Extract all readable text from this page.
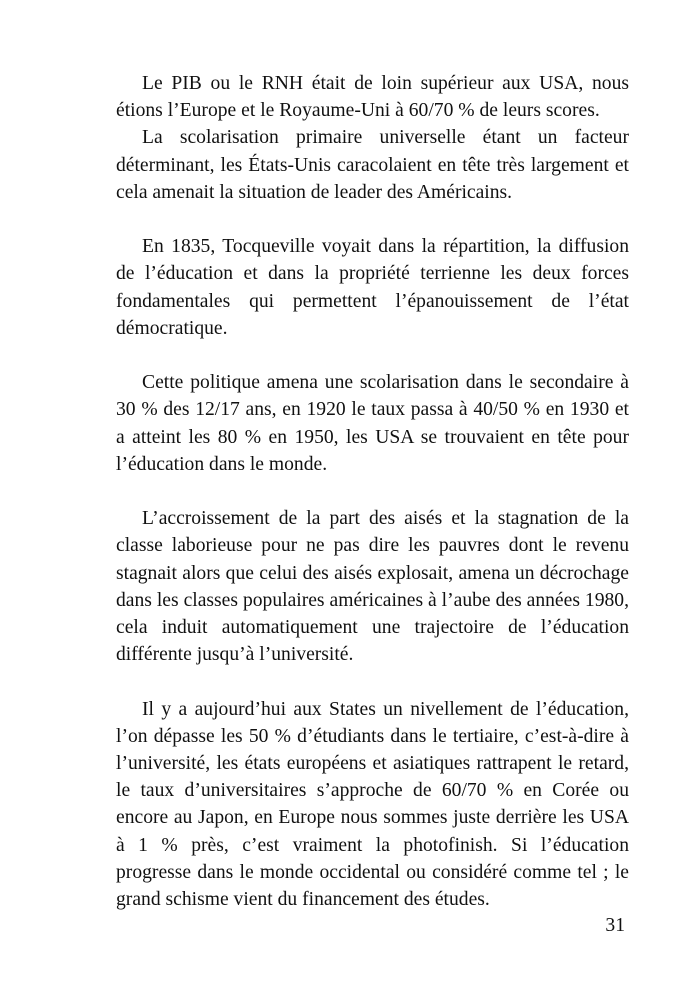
Le PIB ou le RNH était de loin supérieur aux USA, nous étions l’Europe et le Royaume-Uni à 60/70 % de leurs scores.

La scolarisation primaire universelle étant un facteur déterminant, les États-Unis caracolaient en tête très largement et cela amenait la situation de leader des Américains.

En 1835, Tocqueville voyait dans la répartition, la diffusion de l’éducation et dans la propriété terrienne les deux forces fondamentales qui permettent l’épanouissement de l’état démocratique.

Cette politique amena une scolarisation dans le secondaire à 30 % des 12/17 ans, en 1920 le taux passa à 40/50 % en 1930 et a atteint les 80 % en 1950, les USA se trouvaient en tête pour l’éducation dans le monde.

L’accroissement de la part des aisés et la stagnation de la classe laborieuse pour ne pas dire les pauvres dont le revenu stagnait alors que celui des aisés explosait, amena un décrochage dans les classes populaires américaines à l’aube des années 1980, cela induit automatiquement une trajectoire de l’éducation différente jusqu’à l’université.

Il y a aujourd’hui aux States un nivellement de l’éducation, l’on dépasse les 50 % d’étudiants dans le tertiaire, c’est-à-dire à l’université, les états européens et asiatiques rattrapent le retard, le taux d’universitaires s’approche de 60/70 % en Corée ou encore au Japon, en Europe nous sommes juste derrière les USA à 1 % près, c’est vraiment la photofinish. Si l’éducation progresse dans le monde occidental ou considéré comme tel ; le grand schisme vient du financement des études.

31
